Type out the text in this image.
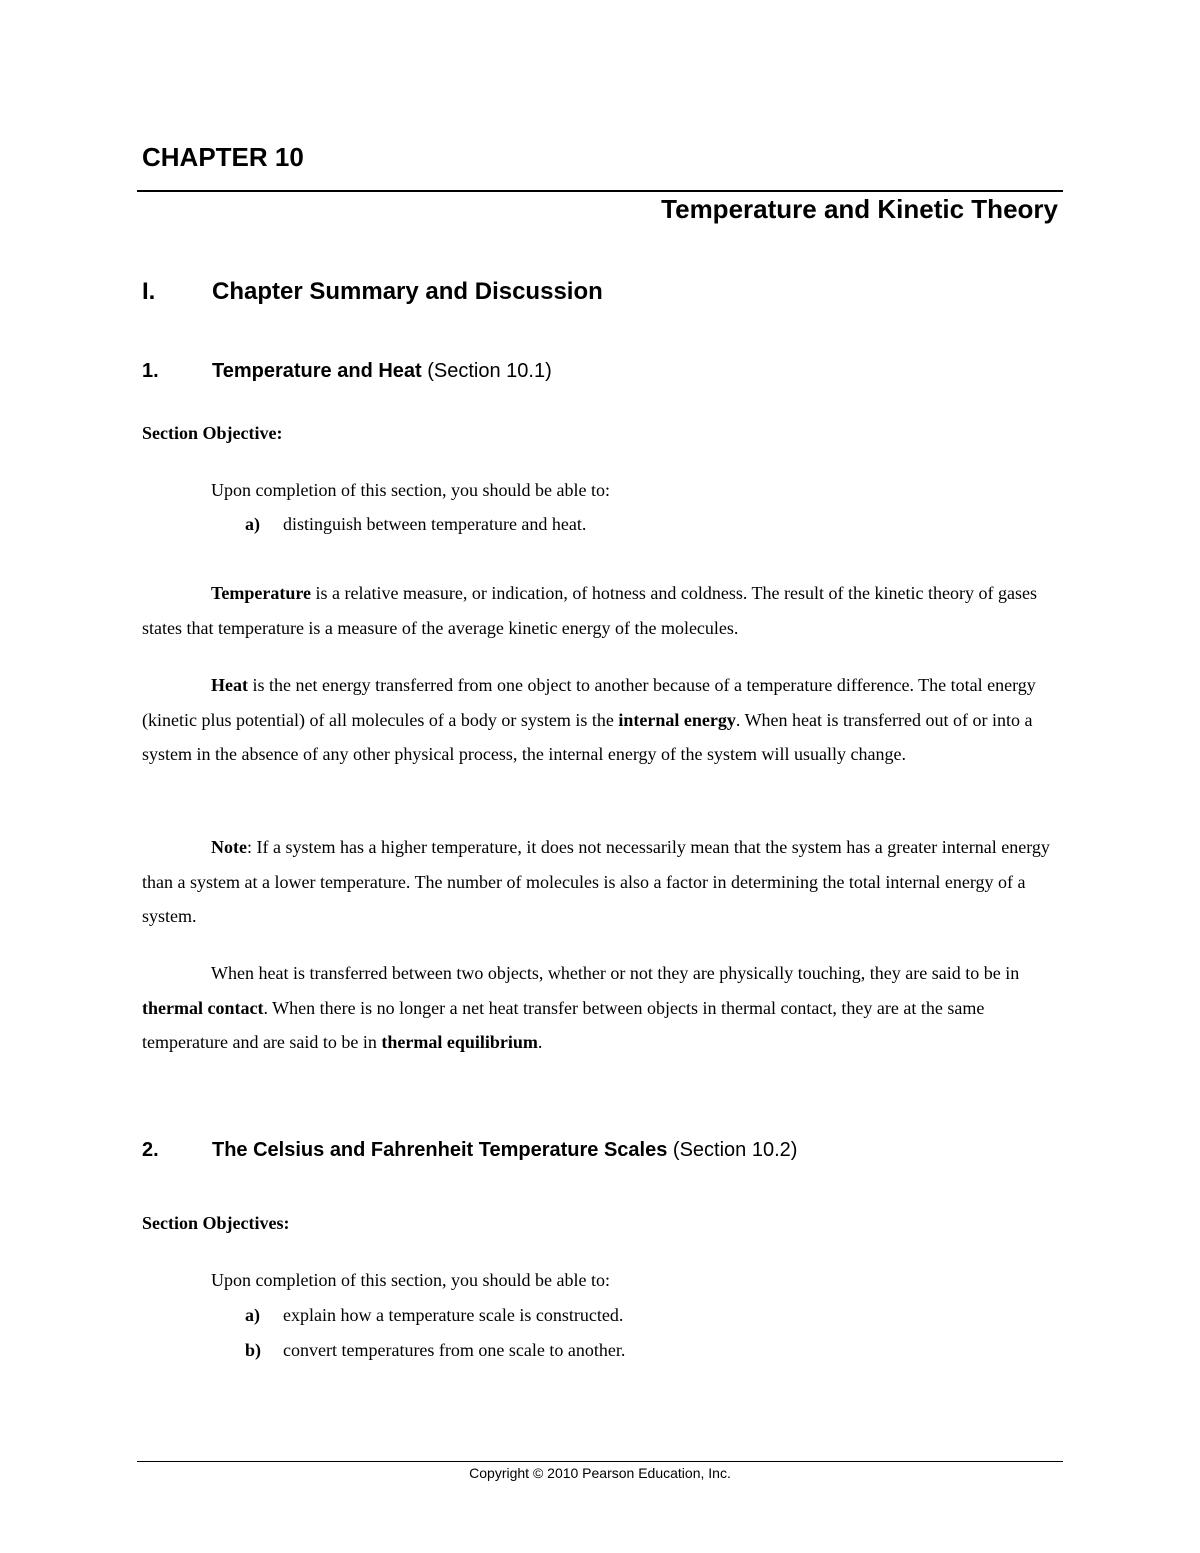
CHAPTER 10
Temperature and Kinetic Theory
I. Chapter Summary and Discussion
1.	Temperature and Heat (Section 10.1)
Section Objective:
Upon completion of this section, you should be able to:
a) distinguish between temperature and heat.

Temperature is a relative measure, or indication, of hotness and coldness. The result of the kinetic theory of gases states that temperature is a measure of the average kinetic energy of the molecules.

Heat is the net energy transferred from one object to another because of a temperature difference. The total energy (kinetic plus potential) of all molecules of a body or system is the internal energy. When heat is transferred out of or into a system in the absence of any other physical process, the internal energy of the system will usually change.

Note: If a system has a higher temperature, it does not necessarily mean that the system has a greater internal energy than a system at a lower temperature. The number of molecules is also a factor in determining the total internal energy of a system.

When heat is transferred between two objects, whether or not they are physically touching, they are said to be in thermal contact. When there is no longer a net heat transfer between objects in thermal contact, they are at the same temperature and are said to be in thermal equilibrium.

2.	The Celsius and Fahrenheit Temperature Scales (Section 10.2)
Section Objectives:
Upon completion of this section, you should be able to:
a) explain how a temperature scale is constructed.
b) convert temperatures from one scale to another.
Copyright © 2010 Pearson Education, Inc.
